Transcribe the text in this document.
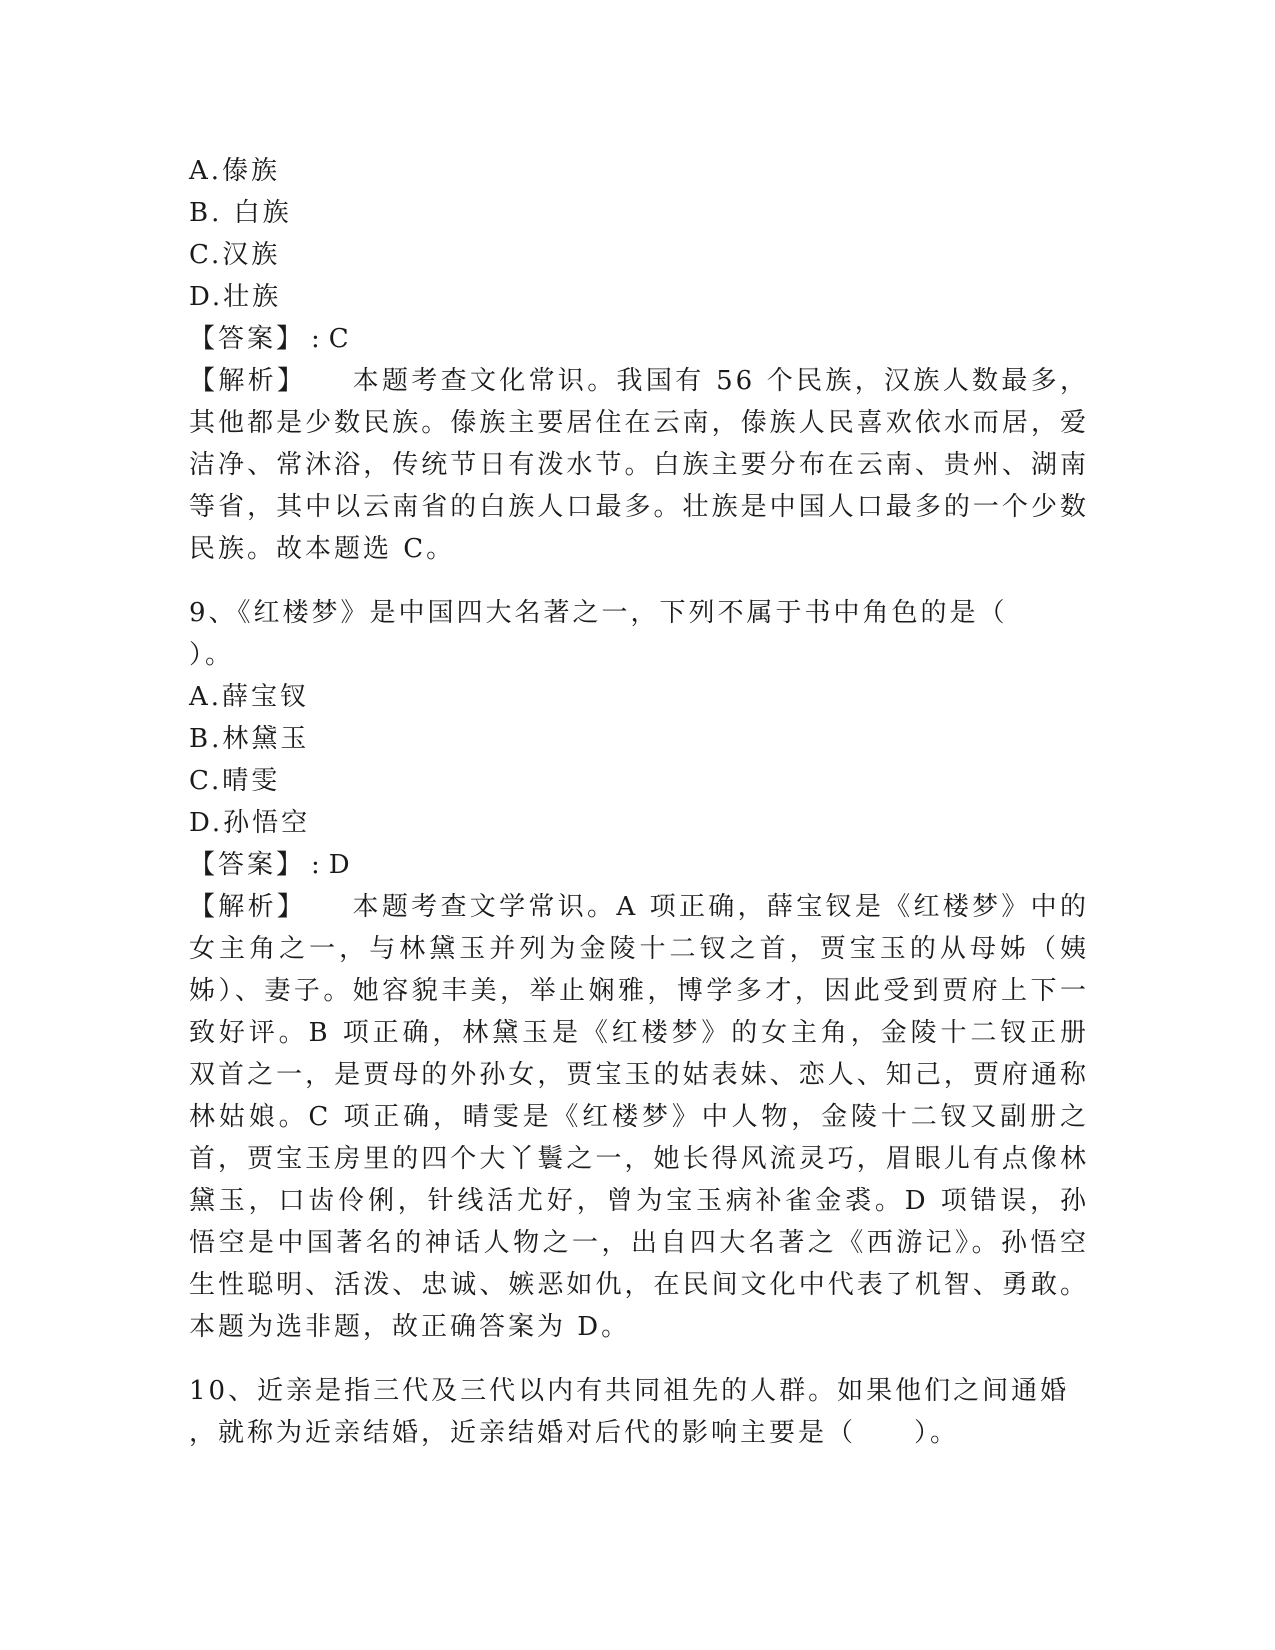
A.傣族
B. 白族
C.汉族
D.壮族
【答案】 : C
【解析】 本题考查文化常识。我国有 56 个民族，汉族人数最多，其他都是少数民族。傣族主要居住在云南，傣族人民喜欢依水而居，爱洁净、常沐浴，传统节日有泼水节。白族主要分布在云南、贵州、湖南等省，其中以云南省的白族人口最多。壮族是中国人口最多的一个少数民族。故本题选 C。
9、《红楼梦》是中国四大名著之一，下列不属于书中角色的是（
）。
A.薛宝钗
B.林黛玉
C.晴雯
D.孙悟空
【答案】 : D
【解析】 本题考查文学常识。A 项正确，薛宝钗是《红楼梦》中的女主角之一，与林黛玉并列为金陵十二钗之首，贾宝玉的从母姊（姨姊）、妻子。她容貌丰美，举止娴雅，博学多才，因此受到贾府上下一致好评。B 项正确，林黛玉是《红楼梦》的女主角，金陵十二钗正册双首之一，是贾母的外孙女，贾宝玉的姑表妹、恋人、知己，贾府通称林姑娘。C 项正确，晴雯是《红楼梦》中人物，金陵十二钗又副册之首，贾宝玉房里的四个大丫鬟之一，她长得风流灵巧，眉眼儿有点像林黛玉，口齿伶俐，针线活尤好，曾为宝玉病补雀金裘。D 项错误，孙悟空是中国著名的神话人物之一，出自四大名著之《西游记》。孙悟空生性聪明、活泼、忠诚、嫉恶如仇，在民间文化中代表了机智、勇敢。本题为选非题，故正确答案为 D。
10、近亲是指三代及三代以内有共同祖先的人群。如果他们之间通婚
，就称为近亲结婚，近亲结婚对后代的影响主要是（　　）。
